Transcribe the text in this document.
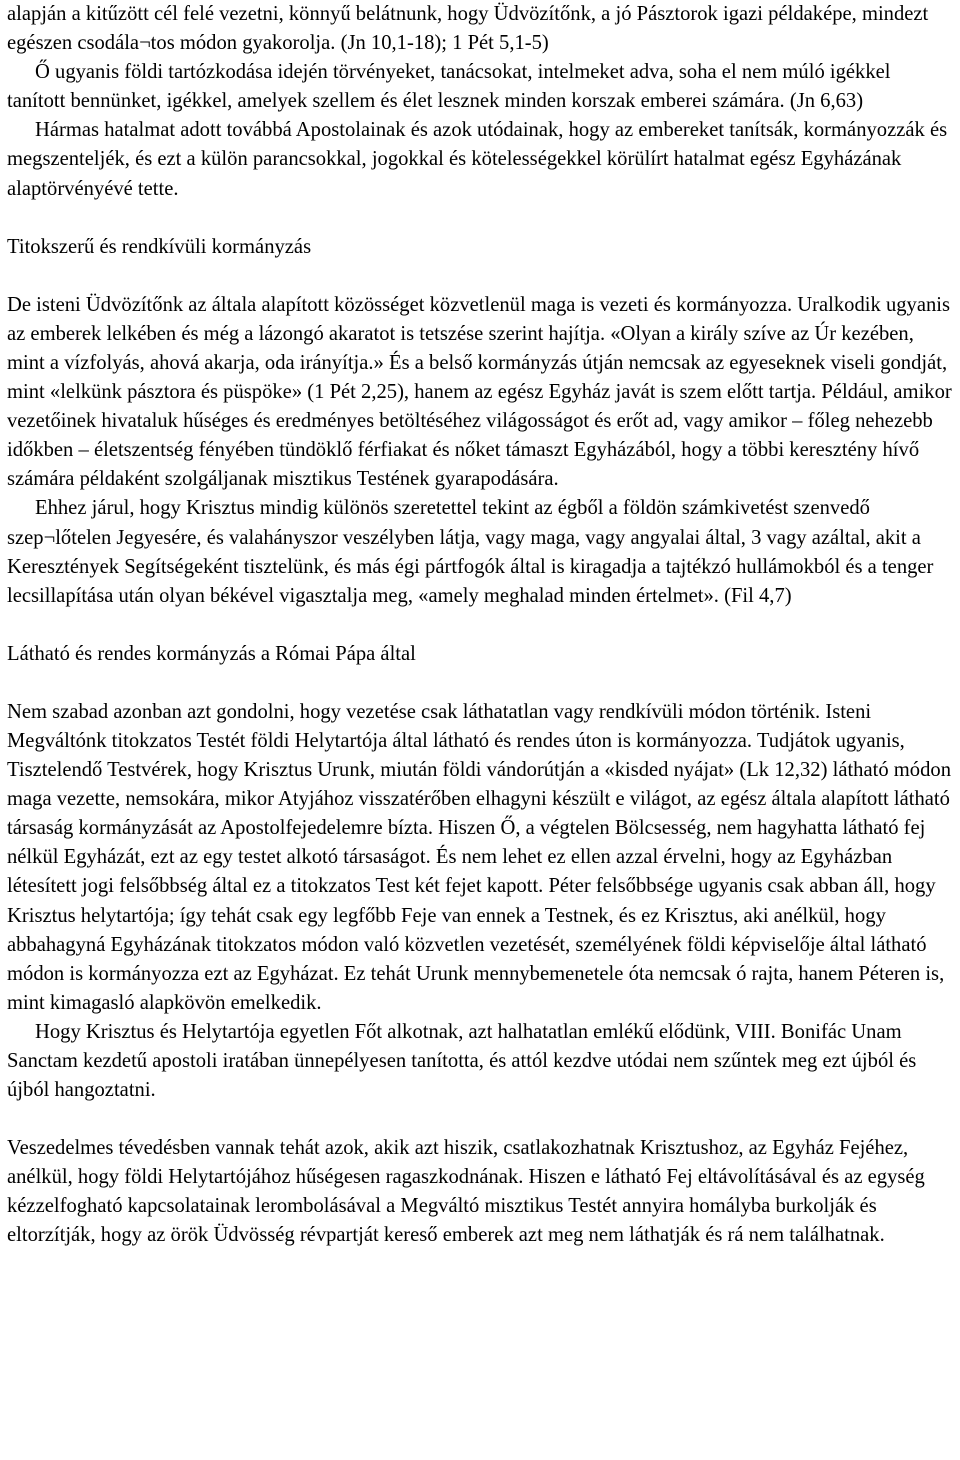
alapján a kitűzött cél felé vezetni, könnyű belátnunk, hogy Üdvözítőnk, a jó Pásztorok igazi példaképe, mindezt egészen csodála¬tos módon gyakorolja. (Jn 10,1-18); 1 Pét 5,1-5)

Ő ugyanis földi tartózkodása idején törvényeket, tanácsokat, intelmeket adva, soha el nem múló igékkel tanított bennünket, igékkel, amelyek szellem és élet lesznek minden korszak emberei számára. (Jn 6,63)

Hármas hatalmat adott továbbá Apostolainak és azok utódainak, hogy az embereket tanítsák, kormányozzák és megszenteljék, és ezt a külön parancsokkal, jogokkal és kötelességekkel körülírt hatalmat egész Egyházának alaptörvényévé tette.

Titokszerű és rendkívüli kormányzás

De isteni Üdvözítőnk az általa alapított közösséget közvetlenül maga is vezeti és kormányozza. Uralkodik ugyanis az emberek lelkében és még a lázongó akaratot is tetszése szerint hajítja. «Olyan a király szíve az Úr kezében, mint a vízfolyás, ahová akarja, oda irányítja.» És a belső kormányzás útján nemcsak az egyeseknek viseli gondját, mint «lelkünk pásztora és püspöke» (1 Pét 2,25), hanem az egész Egyház javát is szem előtt tartja. Például, amikor vezetőinek hivataluk hűséges és eredményes betöltéséhez világosságot és erőt ad, vagy amikor – főleg nehezebb időkben – életszentség fényében tündöklő férfiakat és nőket támaszt Egyházából, hogy a többi keresztény hívő számára példaként szolgáljanak misztikus Testének gyarapodására.

Ehhez járul, hogy Krisztus mindig különös szeretettel tekint az égből a földön számkivetést szenvedő szep¬lőtelen Jegyesére, és valahányszor veszélyben látja, vagy maga, vagy angyalai által, 3 vagy azáltal, akit a Keresztények Segítségeként tisztelünk, és más égi pártfogók által is kiragadja a tajtékzó hullámokból és a tenger lecsillapítása után olyan békével vigasztalja meg, «amely meghalad minden értelmet». (Fil 4,7)

Látható és rendes kormányzás a Római Pápa által

Nem szabad azonban azt gondolni, hogy vezetése csak láthatatlan vagy rendkívüli módon történik. Isteni Megváltónk titokzatos Testét földi Helytartója által látható és rendes úton is kormányozza. Tudjátok ugyanis, Tisztelendő Testvérek, hogy Krisztus Urunk, miután földi vándorútján a «kisded nyájat» (Lk 12,32) látható módon maga vezette, nemsokára, mikor Atyjához visszatérőben elhagyni készült e világot, az egész általa alapított látható társaság kormányzását az Apostolfejedelemre bízta. Hiszen Ő, a végtelen Bölcsesség, nem hagyhatta látható fej nélkül Egyházát, ezt az egy testet alkotó társaságot. És nem lehet ez ellen azzal érvelni, hogy az Egyházban létesített jogi felsőbbség által ez a titokzatos Test két fejet kapott. Péter felsőbbsége ugyanis csak abban áll, hogy Krisztus helytartója; így tehát csak egy legfőbb Feje van ennek a Testnek, és ez Krisztus, aki anélkül, hogy abbahagyná Egyházának titokzatos módon való közvetlen vezetését, személyének földi képviselője által látható módon is kormányozza ezt az Egyházat. Ez tehát Urunk mennybemenetele óta nemcsak ó rajta, hanem Péteren is, mint kimagasló alapkövön emelkedik.

Hogy Krisztus és Helytartója egyetlen Főt alkotnak, azt halhatatlan emlékű elődünk, VIII. Bonifác Unam Sanctam kezdetű apostoli iratában ünnepélyesen tanította, és attól kezdve utódai nem szűntek meg ezt újból és újból hangoztatni.

Veszedelmes tévedésben vannak tehát azok, akik azt hiszik, csatlakozhatnak Krisztushoz, az Egyház Fejéhez, anélkül, hogy földi Helytartójához hűségesen ragaszkodnának. Hiszen e látható Fej eltávolításával és az egység kézzelfogható kapcsolatainak lerombolásával a Megváltó misztikus Testét annyira homályba burkolják és eltorzítják, hogy az örök Üdvösség révpartját kereső emberek azt meg nem láthatják és rá nem találhatnak.
